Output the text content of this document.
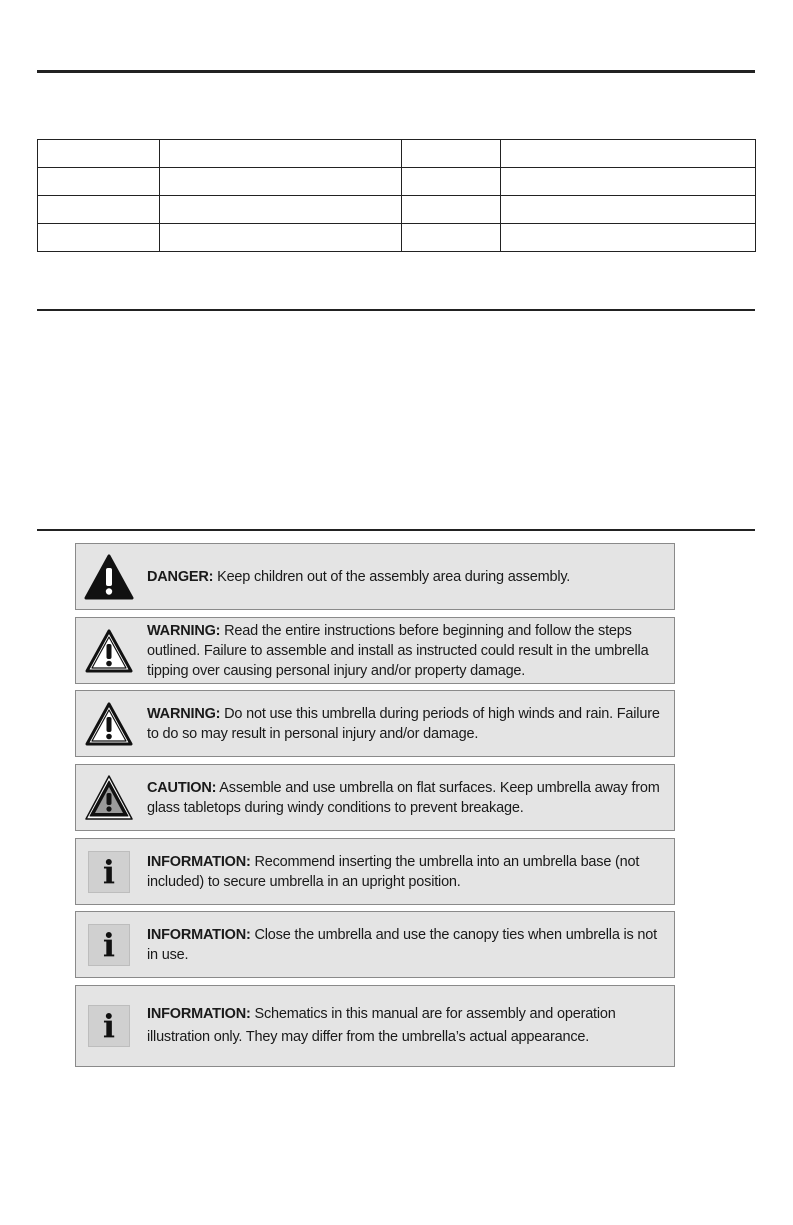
DANGER: Keep children out of the assembly area during assembly.
WARNING: Read the entire instructions before beginning and follow the steps outlined. Failure to assemble and install as instructed could result in the umbrella tipping over causing personal injury and/or property damage.
WARNING: Do not use this umbrella during periods of high winds and rain. Failure to do so may result in personal injury and/or damage.
CAUTION: Assemble and use umbrella on flat surfaces. Keep umbrella away from glass tabletops during windy conditions to prevent breakage.
i	INFORMATION: Recommend inserting the umbrella into an umbrella base (not included) to secure umbrella in an upright position.
i	INFORMATION: Close the umbrella and use the canopy ties when umbrella is not in use.
i	INFORMATION: Schematics in this manual are for assembly and operation illustration only. They may differ from the umbrella’s actual appearance.
